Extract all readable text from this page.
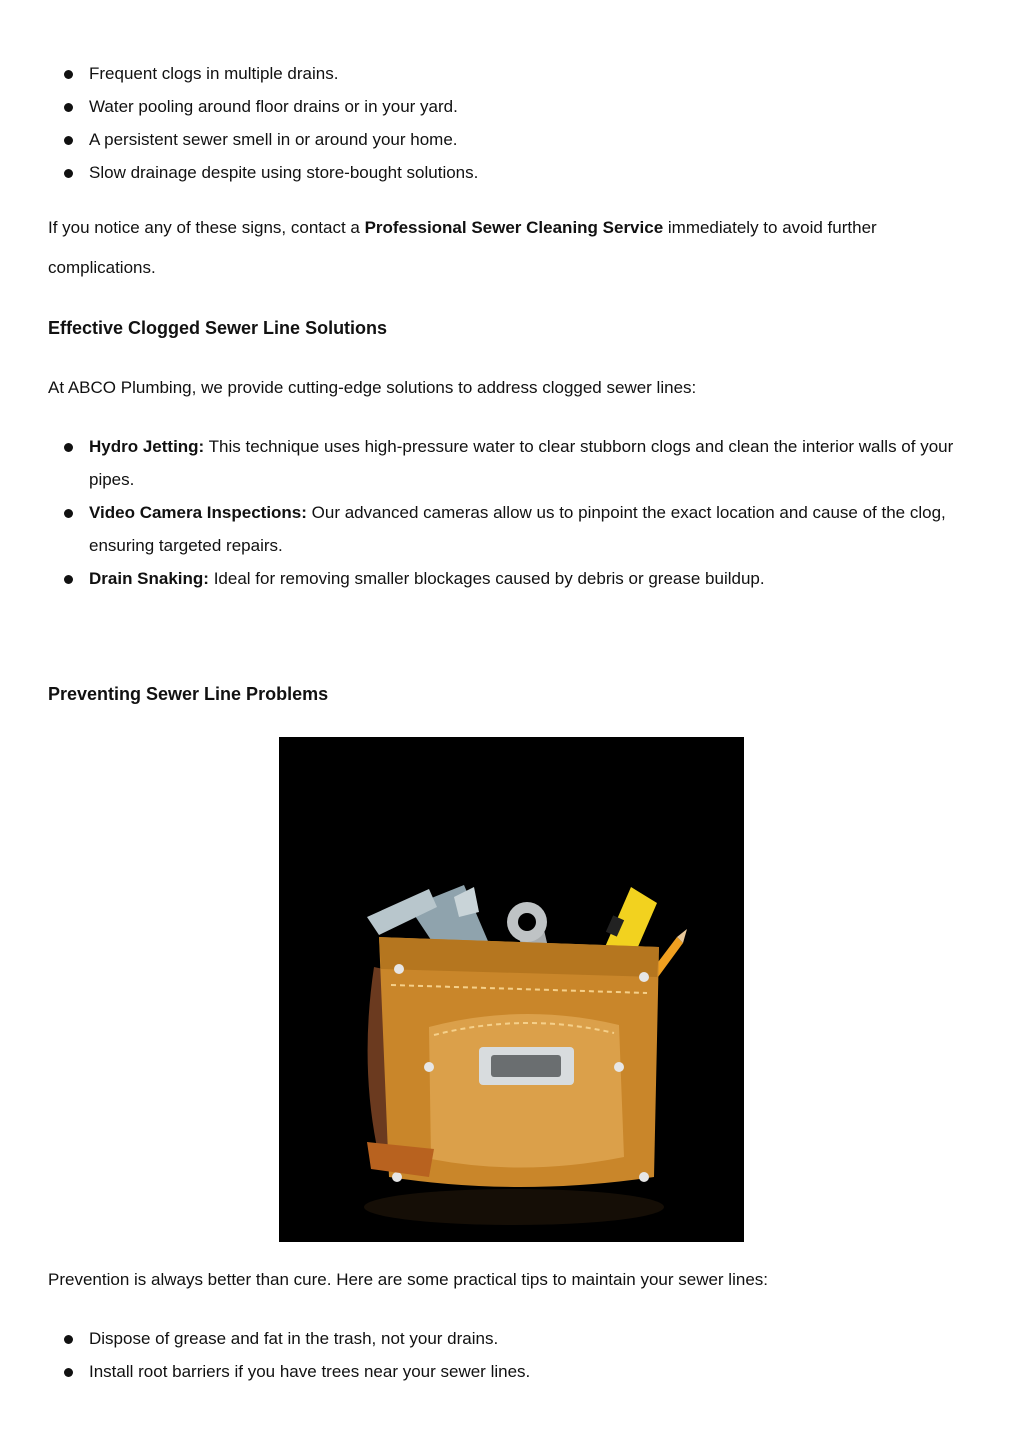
Frequent clogs in multiple drains.
Water pooling around floor drains or in your yard.
A persistent sewer smell in or around your home.
Slow drainage despite using store-bought solutions.

If you notice any of these signs, contact a Professional Sewer Cleaning Service immediately to avoid further complications.

Effective Clogged Sewer Line Solutions

At ABCO Plumbing, we provide cutting-edge solutions to address clogged sewer lines:

Hydro Jetting: This technique uses high-pressure water to clear stubborn clogs and clean the interior walls of your pipes.
Video Camera Inspections: Our advanced cameras allow us to pinpoint the exact location and cause of the clog, ensuring targeted repairs.
Drain Snaking: Ideal for removing smaller blockages caused by debris or grease buildup.
Preventing Sewer Line Problems

Prevention is always better than cure. Here are some practical tips to maintain your sewer lines:

Dispose of grease and fat in the trash, not your drains.
Install root barriers if you have trees near your sewer lines.
